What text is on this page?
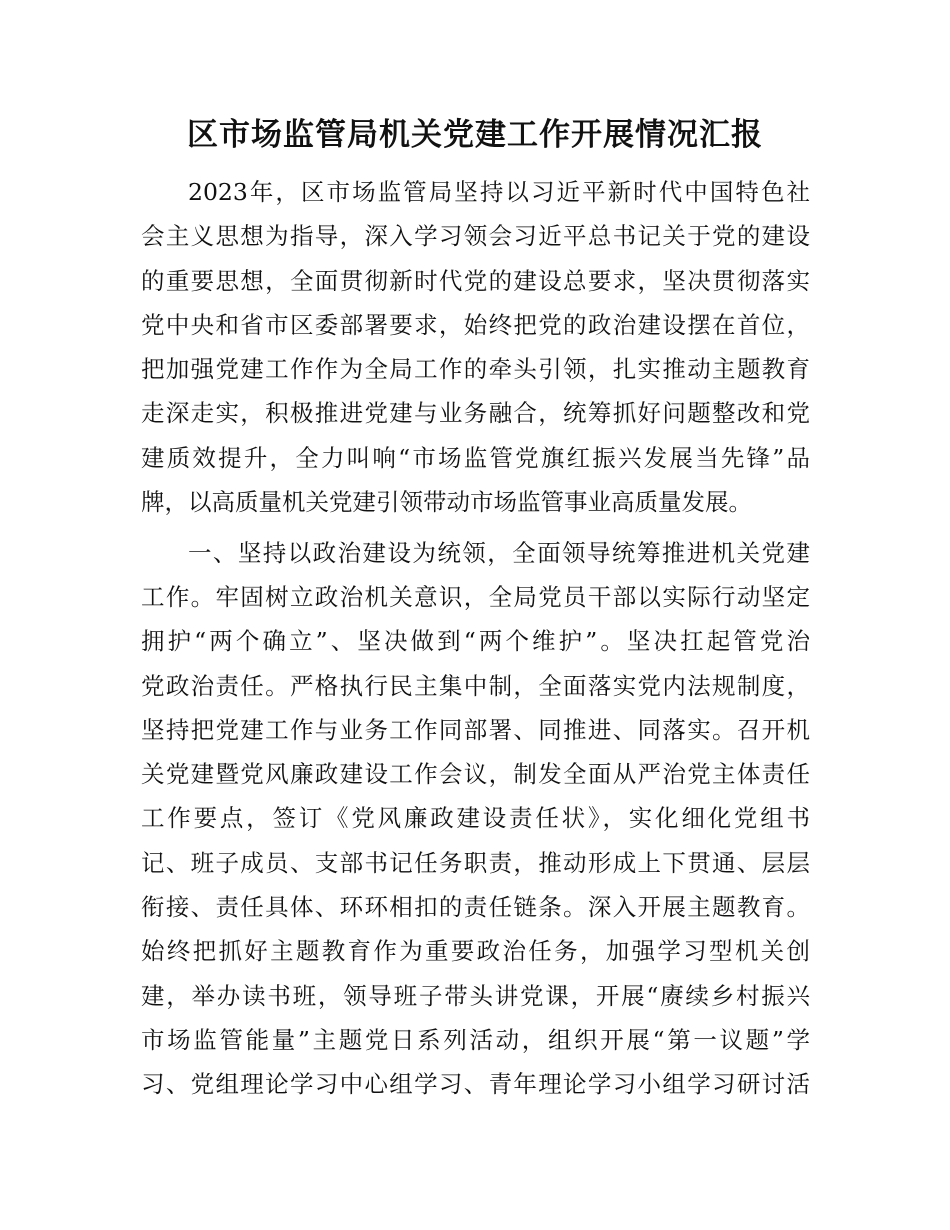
区市场监管局机关党建工作开展情况汇报
2023年，区市场监管局坚持以习近平新时代中国特色社
会主义思想为指导，深入学习领会习近平总书记关于党的建设
的重要思想，全面贯彻新时代党的建设总要求，坚决贯彻落实
党中央和省市区委部署要求，始终把党的政治建设摆在首位，
把加强党建工作作为全局工作的牵头引领，扎实推动主题教育
走深走实，积极推进党建与业务融合，统筹抓好问题整改和党
建质效提升，全力叫响“市场监管党旗红振兴发展当先锋”品
牌，以高质量机关党建引领带动市场监管事业高质量发展。
一、坚持以政治建设为统领，全面领导统筹推进机关党建
工作。牢固树立政治机关意识，全局党员干部以实际行动坚定
拥护“两个确立”、坚决做到“两个维护”。坚决扛起管党治
党政治责任。严格执行民主集中制，全面落实党内法规制度，
坚持把党建工作与业务工作同部署、同推进、同落实。召开机
关党建暨党风廉政建设工作会议，制发全面从严治党主体责任
工作要点，签订《党风廉政建设责任状》，实化细化党组书
记、班子成员、支部书记任务职责，推动形成上下贯通、层层
衔接、责任具体、环环相扣的责任链条。深入开展主题教育。
始终把抓好主题教育作为重要政治任务，加强学习型机关创
建，举办读书班，领导班子带头讲党课，开展“赓续乡村振兴
市场监管能量”主题党日系列活动，组织开展“第一议题”学
习、党组理论学习中心组学习、青年理论学习小组学习研讨活
